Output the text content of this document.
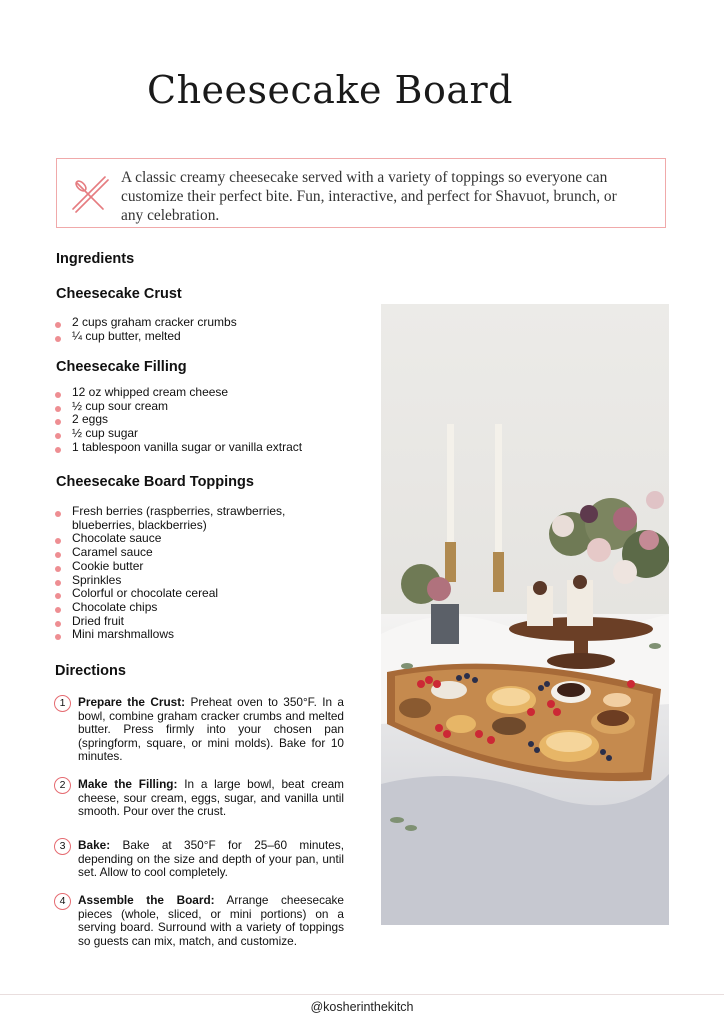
Cheesecake Board
A classic creamy cheesecake served with a variety of toppings so everyone can customize their perfect bite. Fun, interactive, and perfect for Shavuot, brunch, or any celebration.
Ingredients
Cheesecake Crust
2 cups graham cracker crumbs
¼ cup butter, melted
Cheesecake Filling
12 oz whipped cream cheese
½ cup sour cream
2 eggs
½ cup sugar
1 tablespoon vanilla sugar or vanilla extract
Cheesecake Board Toppings
Fresh berries (raspberries, strawberries, blueberries, blackberries)
Chocolate sauce
Caramel sauce
Cookie butter
Sprinkles
Colorful or chocolate cereal
Chocolate chips
Dried fruit
Mini marshmallows
Directions
1	Prepare the Crust: Preheat oven to 350°F. In a bowl, combine graham cracker crumbs and melted butter. Press firmly into your chosen pan (springform, square, or mini molds). Bake for 10 minutes.
2	Make the Filling: In a large bowl, beat cream cheese, sour cream, eggs, sugar, and vanilla until smooth. Pour over the crust.
3	Bake: Bake at 350°F for 25–60 minutes, depending on the size and depth of your pan, until set. Allow to cool completely.
4	Assemble the Board: Arrange cheesecake pieces (whole, sliced, or mini portions) on a serving board. Surround with a variety of toppings so guests can mix, match, and customize.
@kosherinthekitch
